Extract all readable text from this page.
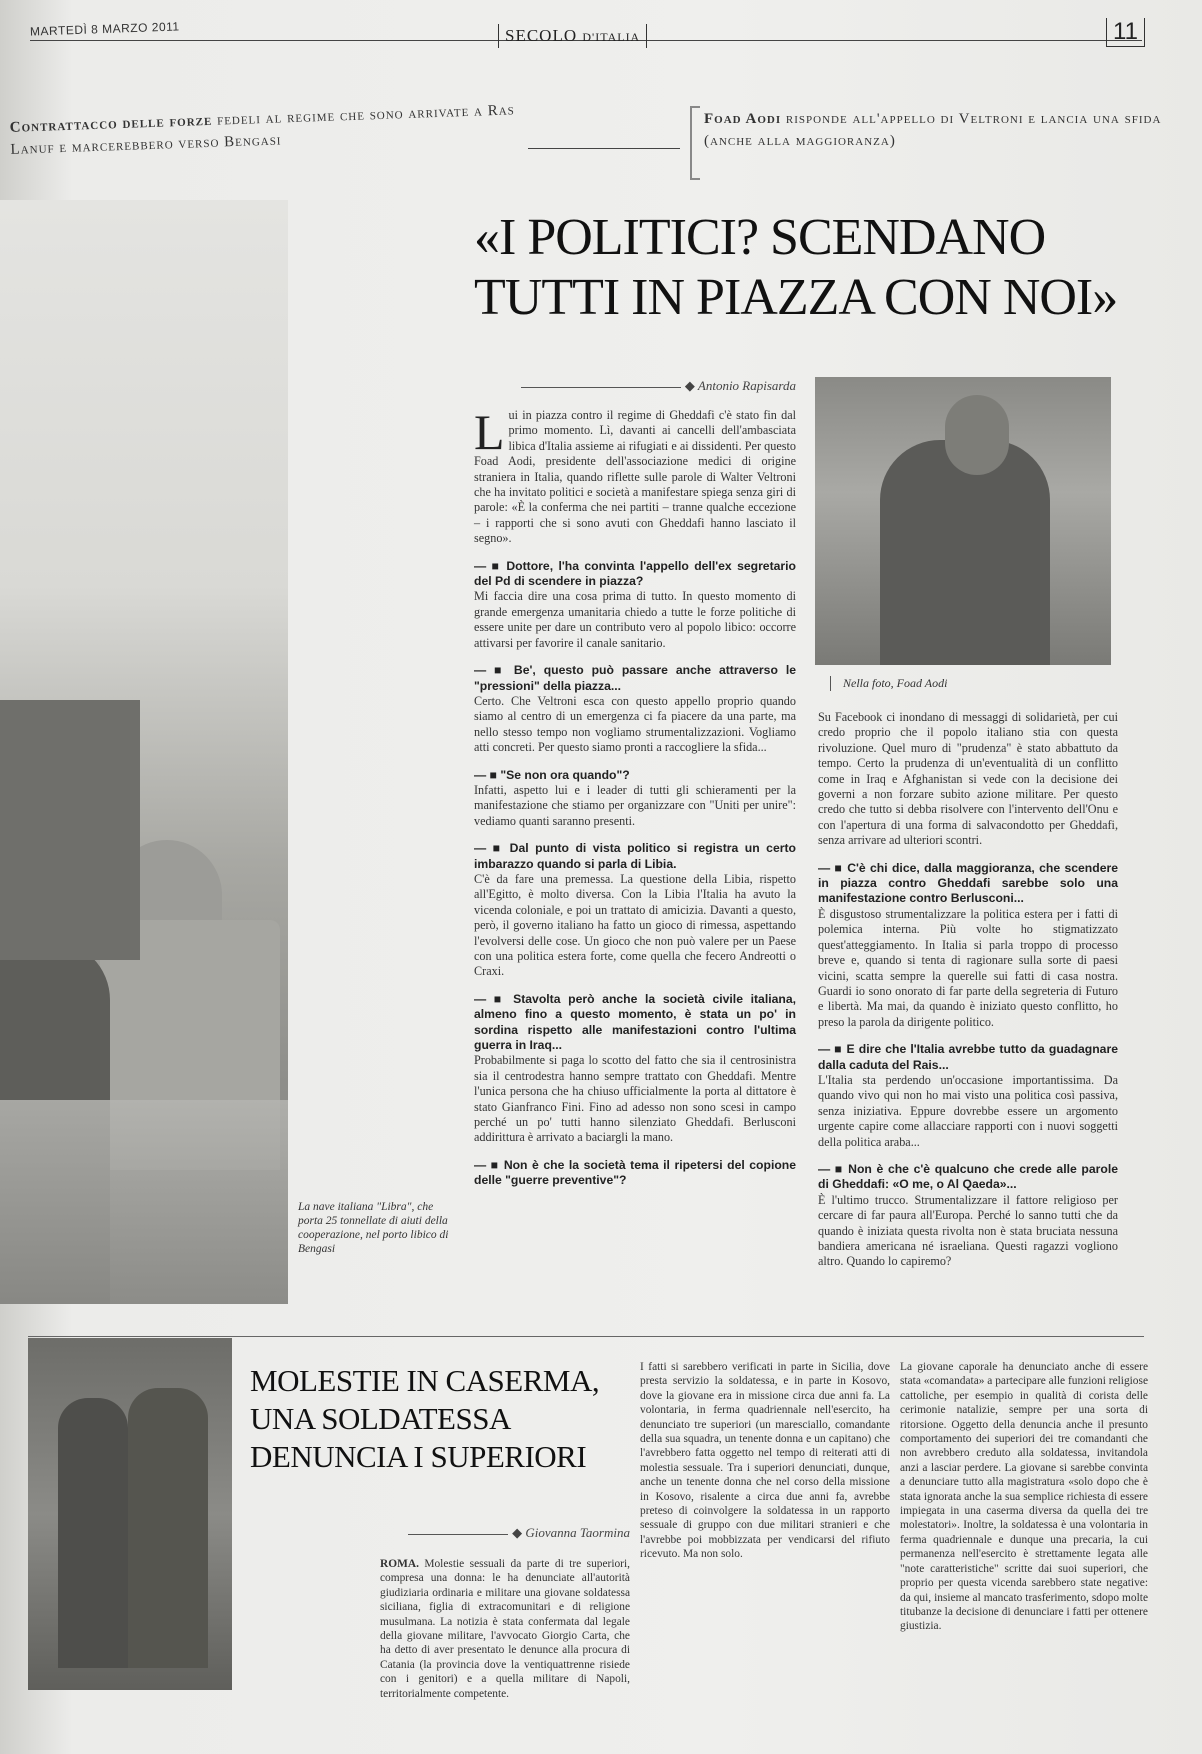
MARTEDÌ 8 MARZO 2011	SECOLO D'ITALIA	11
Contrattacco delle forze fedeli al regime che sono arrivate a Ras Lanuf e marcerebbero verso Bengasi
Foad Aodi risponde all'appello di Veltroni e lancia una sfida (anche alla maggioranza)
La nave italiana "Libra", che porta 25 tonnellate di aiuti della cooperazione, nel porto libico di Bengasi
«I POLITICI? SCENDANO
TUTTI IN PIAZZA CON NOI»
◆ Antonio Rapisarda

Lui in piazza contro il regime di Gheddafi c'è stato fin dal primo momento. Lì, davanti ai cancelli dell'ambasciata libica d'Italia assieme ai rifugiati e ai dissidenti. Per questo Foad Aodi, presidente dell'associazione medici di origine straniera in Italia, quando riflette sulle parole di Walter Veltroni che ha invitato politici e società a manifestare spiega senza giri di parole: «È la conferma che nei partiti – tranne qualche eccezione – i rapporti che si sono avuti con Gheddafi hanno lasciato il segno».

— ■ Dottore, l'ha convinta l'appello dell'ex segretario del Pd di scendere in piazza?

Mi faccia dire una cosa prima di tutto. In questo momento di grande emergenza umanitaria chiedo a tutte le forze politiche di essere unite per dare un contributo vero al popolo libico: occorre attivarsi per favorire il canale sanitario.

— ■ Be', questo può passare anche attraverso le "pressioni" della piazza...

Certo. Che Veltroni esca con questo appello proprio quando siamo al centro di un emergenza ci fa piacere da una parte, ma nello stesso tempo non vogliamo strumentalizzazioni. Vogliamo atti concreti. Per questo siamo pronti a raccogliere la sfida...

— ■ "Se non ora quando"?

Infatti, aspetto lui e i leader di tutti gli schieramenti per la manifestazione che stiamo per organizzare con "Uniti per unire": vediamo quanti saranno presenti.

— ■ Dal punto di vista politico si registra un certo imbarazzo quando si parla di Libia.

C'è da fare una premessa. La questione della Libia, rispetto all'Egitto, è molto diversa. Con la Libia l'Italia ha avuto la vicenda coloniale, e poi un trattato di amicizia. Davanti a questo, però, il governo italiano ha fatto un gioco di rimessa, aspettando l'evolversi delle cose. Un gioco che non può valere per un Paese con una politica estera forte, come quella che fecero Andreotti o Craxi.

— ■ Stavolta però anche la società civile italiana, almeno fino a questo momento, è stata un po' in sordina rispetto alle manifestazioni contro l'ultima guerra in Iraq...

Probabilmente si paga lo scotto del fatto che sia il centrosinistra sia il centrodestra hanno sempre trattato con Gheddafi. Mentre l'unica persona che ha chiuso ufficialmente la porta al dittatore è stato Gianfranco Fini. Fino ad adesso non sono scesi in campo perché un po' tutti hanno silenziato Gheddafi. Berlusconi addirittura è arrivato a baciargli la mano.

— ■ Non è che la società tema il ripetersi del copione delle "guerre preventive"?

Nella foto, Foad Aodi

Su Facebook ci inondano di messaggi di solidarietà, per cui credo proprio che il popolo italiano stia con questa rivoluzione. Quel muro di "prudenza" è stato abbattuto da tempo. Certo la prudenza di un'eventualità di un conflitto come in Iraq e Afghanistan si vede con la decisione dei governi a non forzare subito azione militare. Per questo credo che tutto si debba risolvere con l'intervento dell'Onu e con l'apertura di una forma di salvacondotto per Gheddafi, senza arrivare ad ulteriori scontri.

— ■ C'è chi dice, dalla maggioranza, che scendere in piazza contro Gheddafi sarebbe solo una manifestazione contro Berlusconi...

È disgustoso strumentalizzare la politica estera per i fatti di polemica interna. Più volte ho stigmatizzato quest'atteggiamento. In Italia si parla troppo di processo breve e, quando si tenta di ragionare sulla sorte di paesi vicini, scatta sempre la querelle sui fatti di casa nostra. Guardi io sono onorato di far parte della segreteria di Futuro e libertà. Ma mai, da quando è iniziato questo conflitto, ho preso la parola da dirigente politico.

— ■ E dire che l'Italia avrebbe tutto da guadagnare dalla caduta del Rais...

L'Italia sta perdendo un'occasione importantissima. Da quando vivo qui non ho mai visto una politica così passiva, senza iniziativa. Eppure dovrebbe essere un argomento urgente capire come allacciare rapporti con i nuovi soggetti della politica araba...

— ■ Non è che c'è qualcuno che crede alle parole di Gheddafi: «O me, o Al Qaeda»...

È l'ultimo trucco. Strumentalizzare il fattore religioso per cercare di far paura all'Europa. Perché lo sanno tutti che da quando è iniziata questa rivolta non è stata bruciata nessuna bandiera americana né israeliana. Questi ragazzi vogliono altro. Quando lo capiremo?

MOLESTIE IN CASERMA,
UNA SOLDATESSA
DENUNCIA I SUPERIORI
◆ Giovanna Taormina

ROMA. Molestie sessuali da parte di tre superiori, compresa una donna: le ha denunciate all'autorità giudiziaria ordinaria e militare una giovane soldatessa siciliana, figlia di extracomunitari e di religione musulmana. La notizia è stata confermata dal legale della giovane militare, l'avvocato Giorgio Carta, che ha detto di aver presentato le denunce alla procura di Catania (la provincia dove la ventiquattrenne risiede con i genitori) e a quella militare di Napoli, territorialmente competente.

I fatti si sarebbero verificati in parte in Sicilia, dove presta servizio la soldatessa, e in parte in Kosovo, dove la giovane era in missione circa due anni fa. La volontaria, in ferma quadriennale nell'esercito, ha denunciato tre superiori (un maresciallo, comandante della sua squadra, un tenente donna e un capitano) che l'avrebbero fatta oggetto nel tempo di reiterati atti di molestia sessuale. Tra i superiori denunciati, dunque, anche un tenente donna che nel corso della missione in Kosovo, risalente a circa due anni fa, avrebbe preteso di coinvolgere la soldatessa in un rapporto sessuale di gruppo con due militari stranieri e che l'avrebbe poi mobbizzata per vendicarsi del rifiuto ricevuto. Ma non solo.

La giovane caporale ha denunciato anche di essere stata «comandata» a partecipare alle funzioni religiose cattoliche, per esempio in qualità di corista delle cerimonie natalizie, sempre per una sorta di ritorsione. Oggetto della denuncia anche il presunto comportamento dei superiori dei tre comandanti che non avrebbero creduto alla soldatessa, invitandola anzi a lasciar perdere. La giovane si sarebbe convinta a denunciare tutto alla magistratura «solo dopo che è stata ignorata anche la sua semplice richiesta di essere impiegata in una caserma diversa da quella dei tre molestatori». Inoltre, la soldatessa è una volontaria in ferma quadriennale e dunque una precaria, la cui permanenza nell'esercito è strettamente legata alle "note caratteristiche" scritte dai suoi superiori, che proprio per questa vicenda sarebbero state negative: da qui, insieme al mancato trasferimento, sdopo molte titubanze la decisione di denunciare i fatti per ottenere giustizia.
